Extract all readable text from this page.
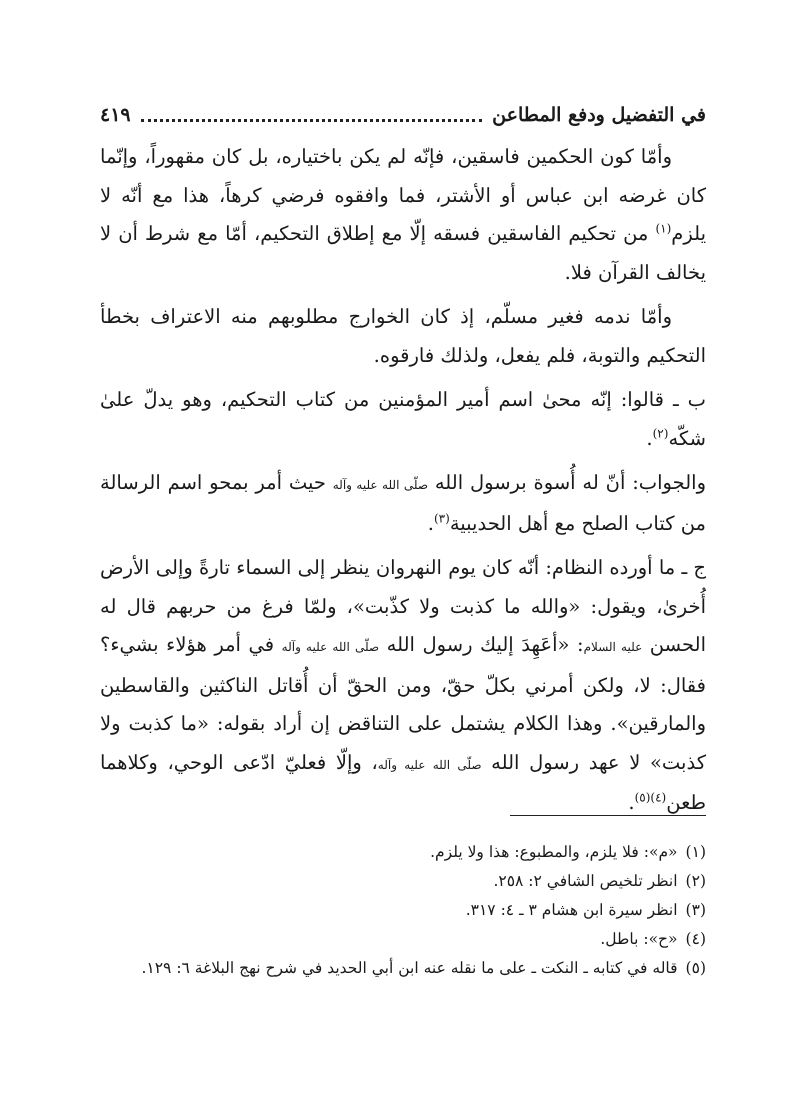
في التفضيل ودفع المطاعن
٤١٩

وأمّا كون الحكمين فاسقين، فإنّه لم يكن باختياره، بل كان مقهوراً، وإنّما كان غرضه ابن عباس أو الأشتر، فما وافقوه فرضي كرهاً، هذا مع أنّه لا يلزم$^{(١)}$ من تحكيم الفاسقين فسقه إلّا مع إطلاق التحكيم، أمّا مع شرط أن لا يخالف القرآن فلا.

وأمّا ندمه فغير مسلّم، إذ كان الخوارج مطلوبهم منه الاعتراف بخطأ التحكيم والتوبة، فلم يفعل، ولذلك فارقوه.

ب ـ قالوا: إنّه محىٰ اسم أمير المؤمنين من كتاب التحكيم، وهو يدلّ علىٰ شكّه$^{(٢)}$.

والجواب: أنّ له أُسوة برسول الله صلّى الله عليه وآله حيث أمر بمحو اسم الرسالة من كتاب الصلح مع أهل الحديبية$^{(٣)}$.

ج ـ ما أورده النظام: أنّه كان يوم النهروان ينظر إلى السماء تارةً وإلى الأرض أُخرىٰ، ويقول: «والله ما كذبت ولا كذّبت»، ولمّا فرغ من حربهم قال له الحسن عليه السلام: «أعَهِدَ إليك رسول الله صلّى الله عليه وآله في أمر هؤلاء بشيء؟ فقال: لا، ولكن أمرني بكلّ حقّ، ومن الحقّ أن أُقاتل الناكثين والقاسطين والمارقين». وهذا الكلام يشتمل على التناقض إن أراد بقوله: «ما كذبت ولا كذبت» لا عهد رسول الله صلّى الله عليه وآله، وإلّا فعليّ ادّعى الوحي، وكلاهما طعن$^{(٤)(٥)}$.

(١)«م»: فلا يلزم، والمطبوع: هذا ولا يلزم.
(٢)انظر تلخيص الشافي ٢: ٢٥٨.
(٣)انظر سيرة ابن هشام ٣ ـ ٤: ٣١٧.
(٤)«ح»: باطل.
(٥)قاله في كتابه ـ النكت ـ على ما نقله عنه ابن أبي الحديد في شرح نهج البلاغة ٦: ١٢٩.
